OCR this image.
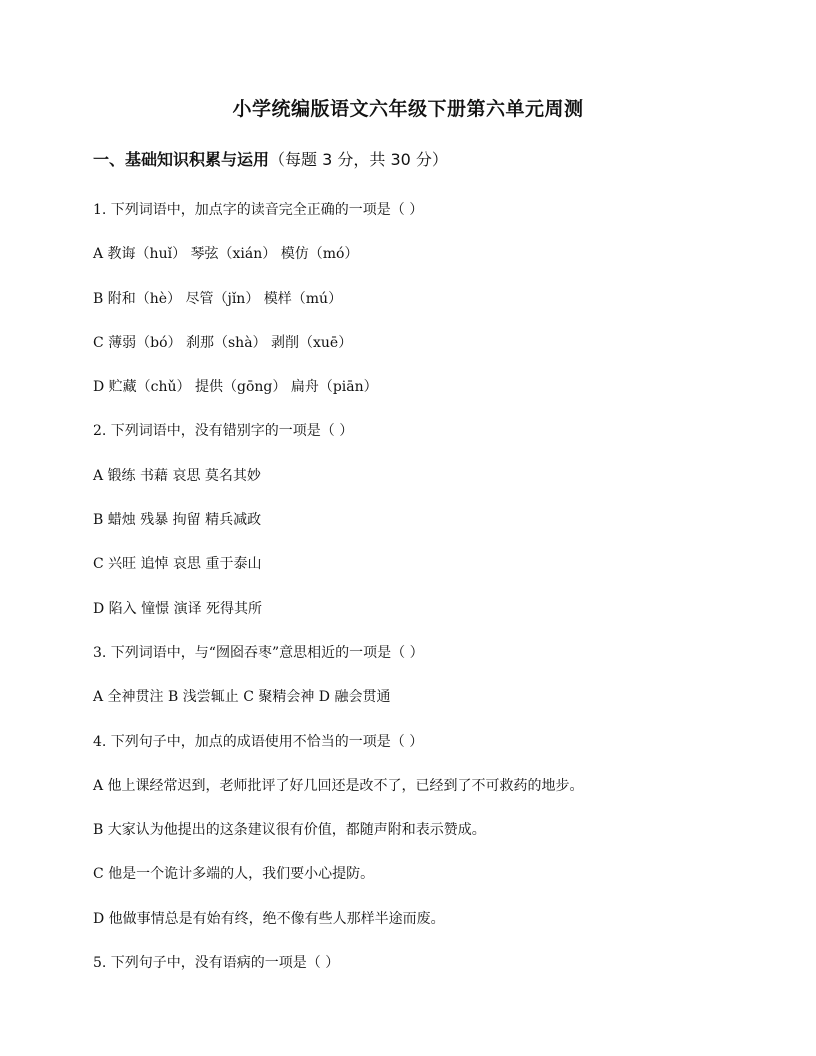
小学统编版语文六年级下册第六单元周测
一、基础知识积累与运用（每题 3 分，共 30 分）
1. 下列词语中，加点字的读音完全正确的一项是（ ）
A 教诲（huǐ） 琴弦（xián） 模仿（mó）
B 附和（hè） 尽管（jǐn） 模样（mú）
C 薄弱（bó） 刹那（shà） 剥削（xuē）
D 贮藏（chǔ） 提供（gōng） 扁舟（piān）
2. 下列词语中，没有错别字的一项是（ ）
A 锻练 书藉 哀思 莫名其妙
B 蜡烛 残暴 拘留 精兵减政
C 兴旺 追悼 哀思 重于泰山
D 陷入 憧憬 演译 死得其所
3. 下列词语中，与“囫囵吞枣”意思相近的一项是（ ）
A 全神贯注 B 浅尝辄止 C 聚精会神 D 融会贯通
4. 下列句子中，加点的成语使用不恰当的一项是（ ）
A 他上课经常迟到，老师批评了好几回还是改不了，已经到了不可救药的地步。
B 大家认为他提出的这条建议很有价值，都随声附和表示赞成。
C 他是一个诡计多端的人，我们要小心提防。
D 他做事情总是有始有终，绝不像有些人那样半途而废。
5. 下列句子中，没有语病的一项是（ ）
